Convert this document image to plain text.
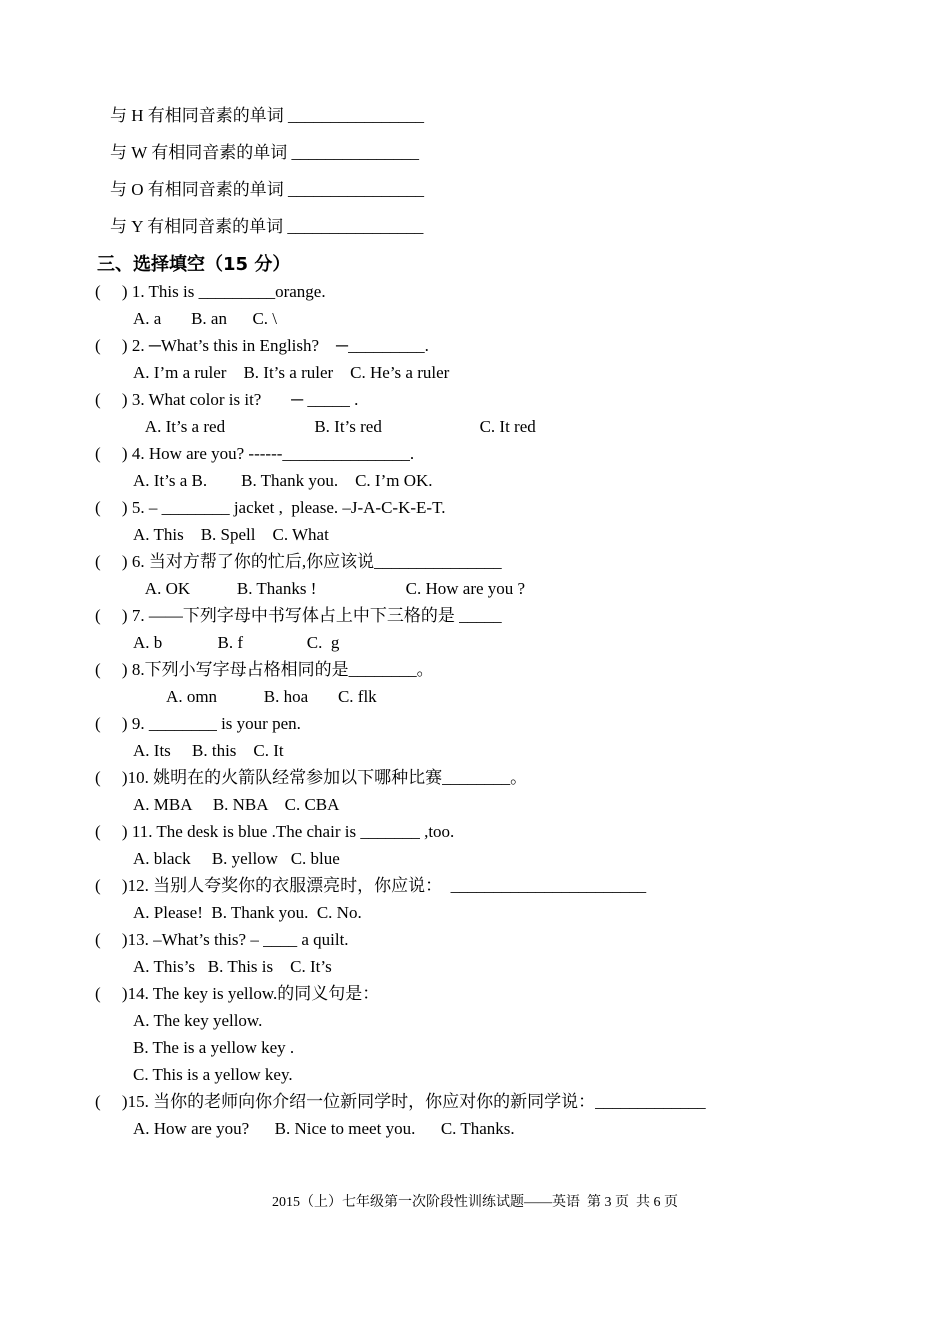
与 H 有相同音素的单词 ________________
与 W 有相同音素的单词 _______________
与 O 有相同音素的单词 ________________
与 Y 有相同音素的单词 ________________
三、选择填空（15 分）
(     ) 1. This is _________orange.
A. a       B. an      C. \
(     ) 2. ─What’s this in English?    ─_________.
A. I’m a ruler    B. It’s a ruler    C. He’s a ruler
(     ) 3. What color is it?       ─ _____ .
A. It’s a red                     B. It’s red                       C. It red
(     ) 4. How are you? ------_______________.
A. It’s a B.        B. Thank you.    C. I’m OK.
(     ) 5. – ________ jacket ,  please. –J-A-C-K-E-T.
A. This    B. Spell    C. What
(     ) 6. 当对方帮了你的忙后,你应该说_______________
A. OK           B. Thanks !                     C. How are you ?
(     ) 7. ——下列字母中书写体占上中下三格的是 _____
A. b             B. f               C.  g
(     ) 8.下列小写字母占格相同的是________。
A. omn           B. hoa       C. flk
(     ) 9. ________ is your pen.
A. Its     B. this    C. It
(     )10. 姚明在的火箭队经常参加以下哪种比赛________。
A. MBA     B. NBA    C. CBA
(     ) 11. The desk is blue .The chair is _______ ,too.
A. black     B. yellow   C. blue
(     )12. 当别人夸奖你的衣服漂亮时，你应说：  _______________________
A. Please!  B. Thank you.  C. No.
(     )13. –What’s this? – ____ a quilt.
A. This’s   B. This is    C. It’s
(     )14. The key is yellow.的同义句是：
A. The key yellow.
B. The is a yellow key .
C. This is a yellow key.
(     )15. 当你的老师向你介绍一位新同学时，你应对你的新同学说：_____________
A. How are you?      B. Nice to meet you.      C. Thanks.
2015（上）七年级第一次阶段性训练试题——英语  第 3 页  共 6 页
